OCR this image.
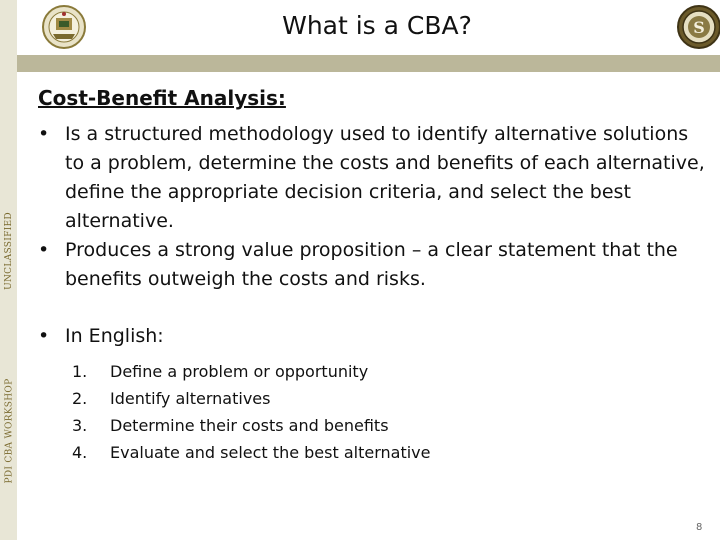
UNCLASSIFIED
PDI CBA WORKSHOP
What is a CBA?	S
Cost-Benefit Analysis:
• Is a structured methodology used to identify alternative solutions to a problem, determine the costs and benefits of each alternative, define the appropriate decision criteria, and select the best alternative.
• Produces a strong value proposition – a clear statement that the benefits outweigh the costs and risks.
• In English:
1.	Define a problem or opportunity
2.	Identify alternatives
3.	Determine their costs and benefits
4.	Evaluate and select the best alternative
8
